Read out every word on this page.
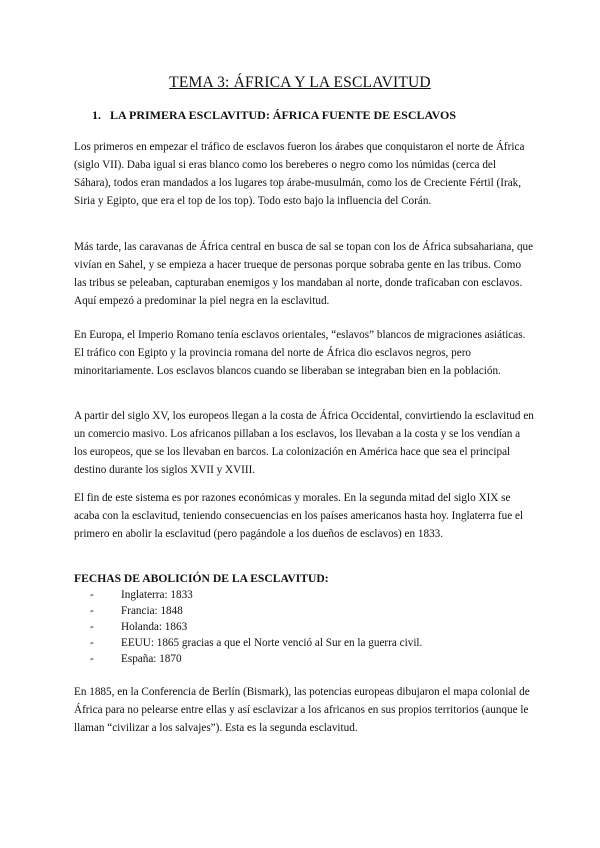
TEMA 3: ÁFRICA Y LA ESCLAVITUD
1. LA PRIMERA ESCLAVITUD: ÁFRICA FUENTE DE ESCLAVOS

Los primeros en empezar el tráfico de esclavos fueron los árabes que conquistaron el norte de África (siglo VII). Daba igual si eras blanco como los bereberes o negro como los númidas (cerca del Sáhara), todos eran mandados a los lugares top árabe-musulmán, como los de Creciente Fértil (Irak, Siria y Egipto, que era el top de los top). Todo esto bajo la influencia del Corán.

Más tarde, las caravanas de África central en busca de sal se topan con los de África subsahariana, que vivían en Sahel, y se empieza a hacer trueque de personas porque sobraba gente en las tribus. Como las tribus se peleaban, capturaban enemigos y los mandaban al norte, donde traficaban con esclavos. Aquí empezó a predominar la piel negra en la esclavitud.

En Europa, el Imperio Romano tenía esclavos orientales, “eslavos” blancos de migraciones asiáticas. El tráfico con Egipto y la provincia romana del norte de África dio esclavos negros, pero minoritariamente. Los esclavos blancos cuando se liberaban se integraban bien en la población.

A partir del siglo XV, los europeos llegan a la costa de África Occidental, convirtiendo la esclavitud en un comercio masivo. Los africanos pillaban a los esclavos, los llevaban a la costa y se los vendían a los europeos, que se los llevaban en barcos. La colonización en América hace que sea el principal destino durante los siglos XVII y XVIII.

El fin de este sistema es por razones económicas y morales. En la segunda mitad del siglo XIX se acaba con la esclavitud, teniendo consecuencias en los países americanos hasta hoy. Inglaterra fue el primero en abolir la esclavitud (pero pagándole a los dueños de esclavos) en 1833.

FECHAS DE ABOLICIÓN DE LA ESCLAVITUD:
-	Inglaterra: 1833
-	Francia: 1848
-	Holanda: 1863
-	EEUU: 1865 gracias a que el Norte venció al Sur en la guerra civil.
-	España: 1870

En 1885, en la Conferencia de Berlín (Bismark), las potencias europeas dibujaron el mapa colonial de África para no pelearse entre ellas y así esclavizar a los africanos en sus propios territorios (aunque le llaman “civilizar a los salvajes”). Esta es la segunda esclavitud.
